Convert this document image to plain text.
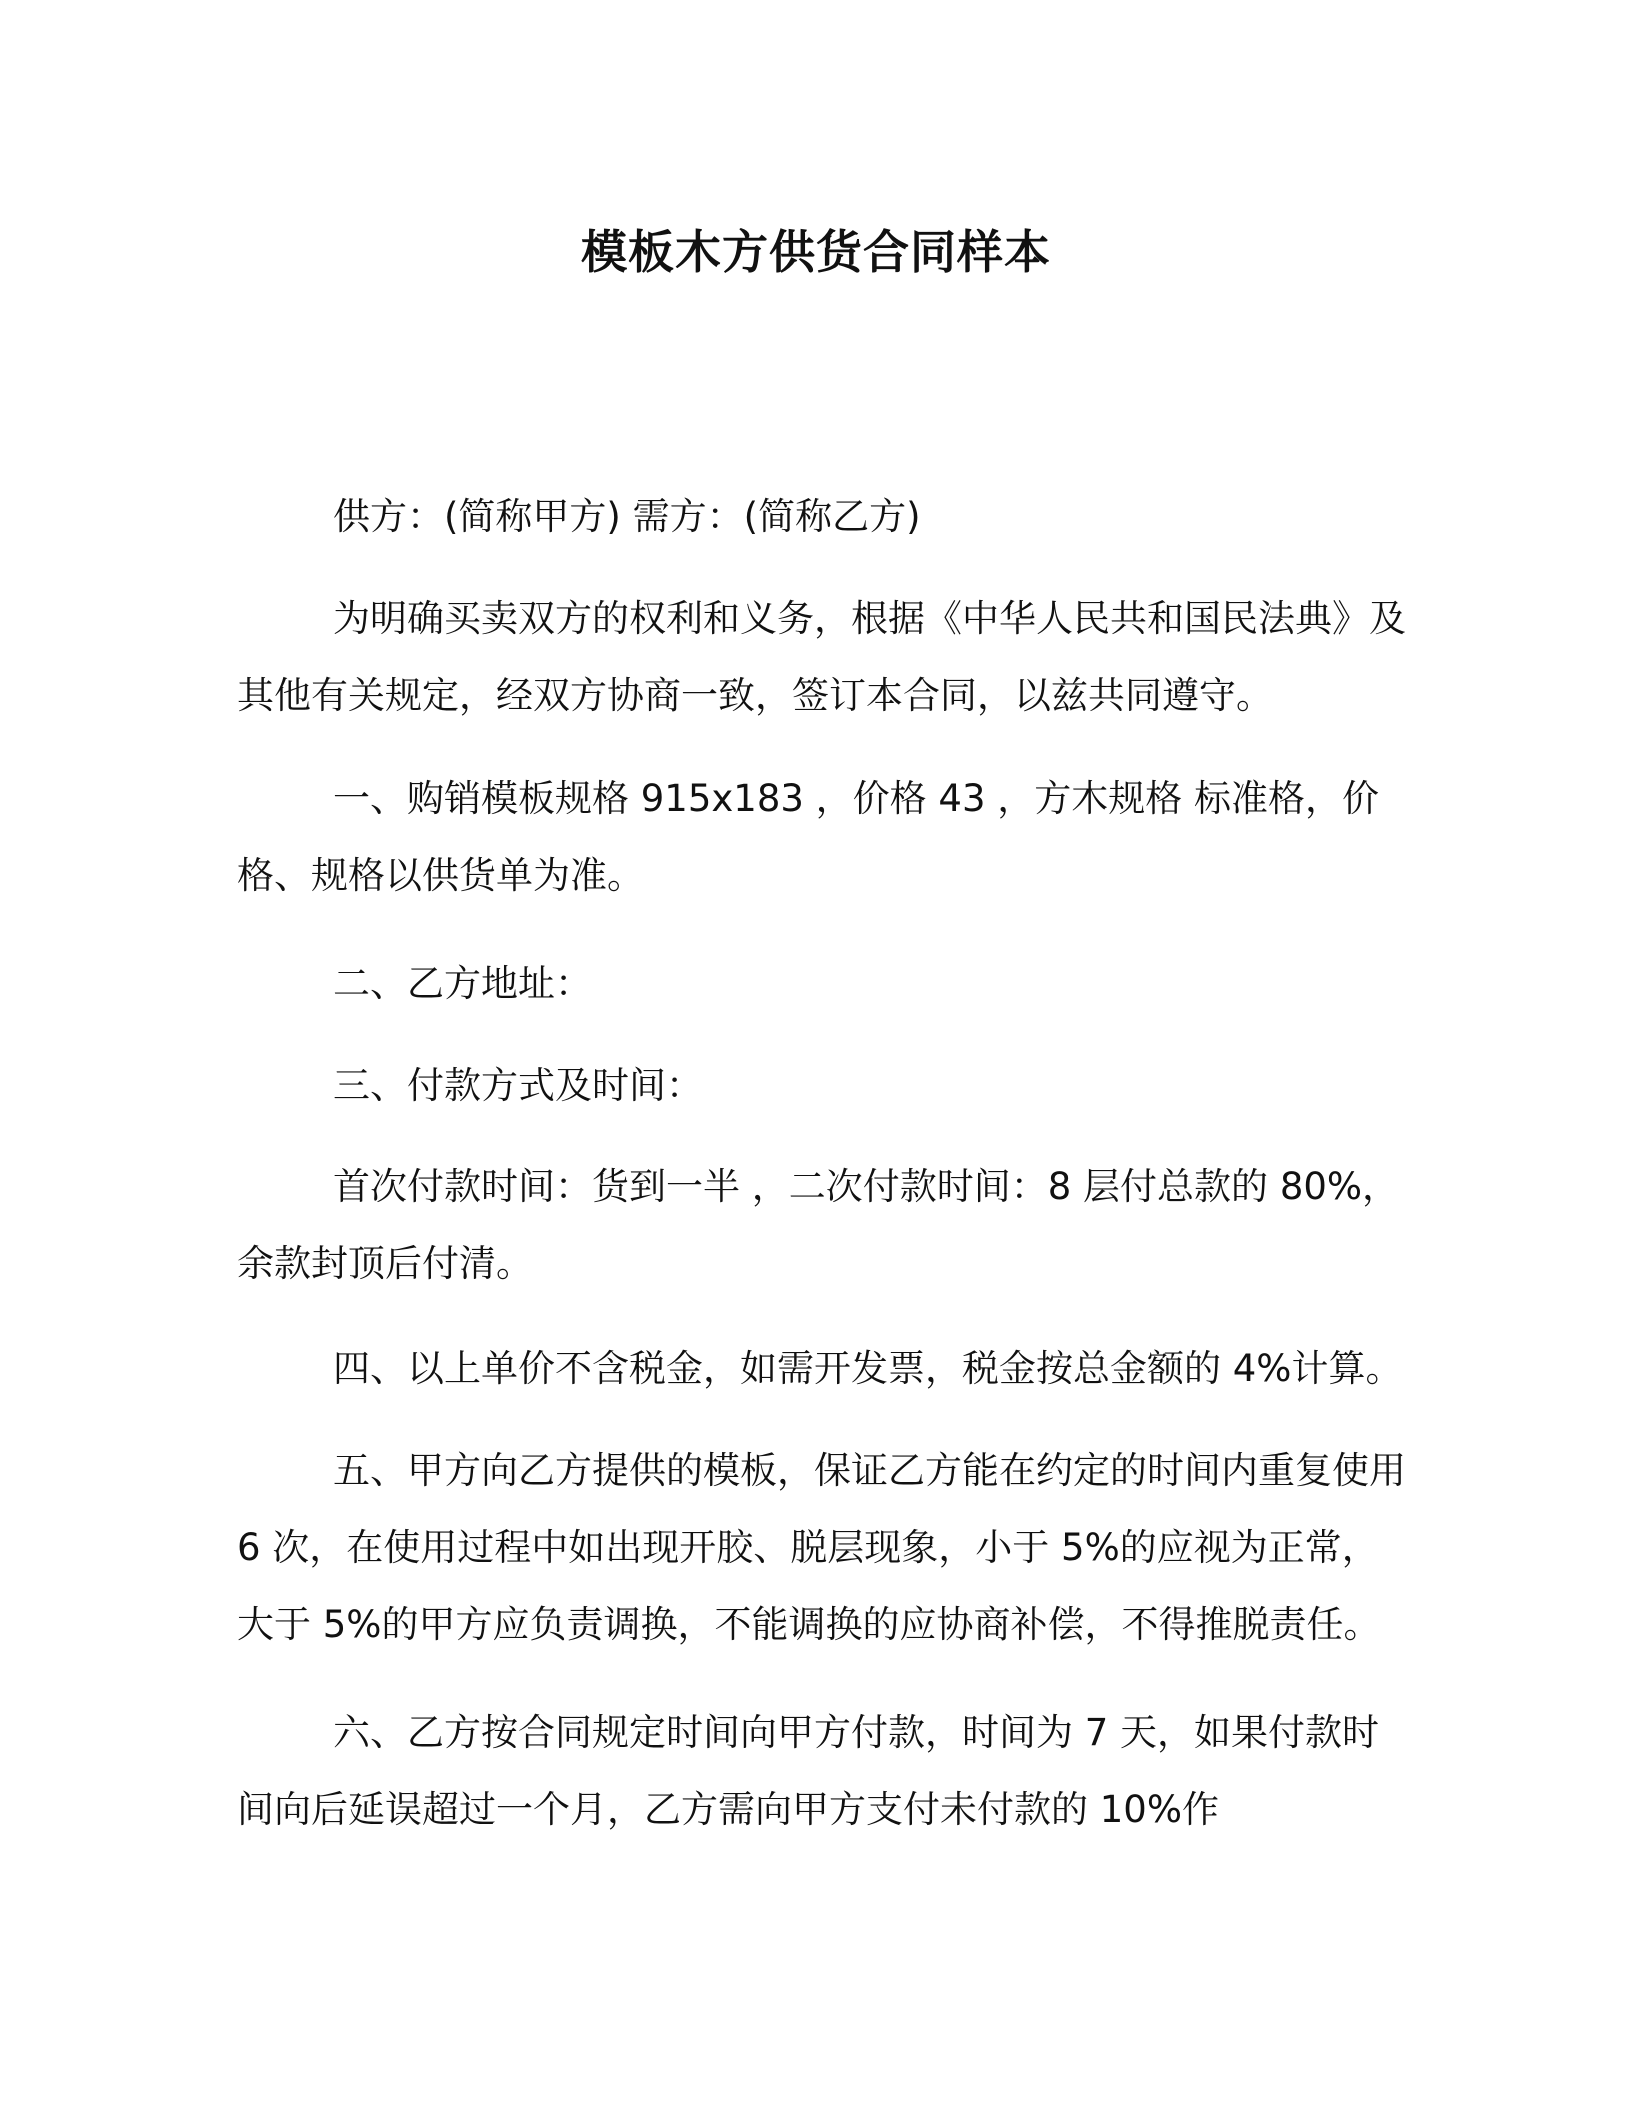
模板木方供货合同样本

供方：(简称甲方) 需方：(简称乙方)

为明确买卖双方的权利和义务，根据《中华人民共和国民法典》及其他有关规定，经双方协商一致，签订本合同，以兹共同遵守。

一、购销模板规格 915x183 ，价格 43 ，方木规格 标准格，价格、规格以供货单为准。

二、乙方地址：

三、付款方式及时间：

首次付款时间：货到一半 ，二次付款时间：8 层付总款的 80%，余款封顶后付清。

四、以上单价不含税金，如需开发票，税金按总金额的 4%计算。

五、甲方向乙方提供的模板，保证乙方能在约定的时间内重复使用 6 次，在使用过程中如出现开胶、脱层现象，小于 5%的应视为正常，大于 5%的甲方应负责调换，不能调换的应协商补偿，不得推脱责任。

六、乙方按合同规定时间向甲方付款，时间为 7 天，如果付款时间向后延误超过一个月，乙方需向甲方支付未付款的 10%作
